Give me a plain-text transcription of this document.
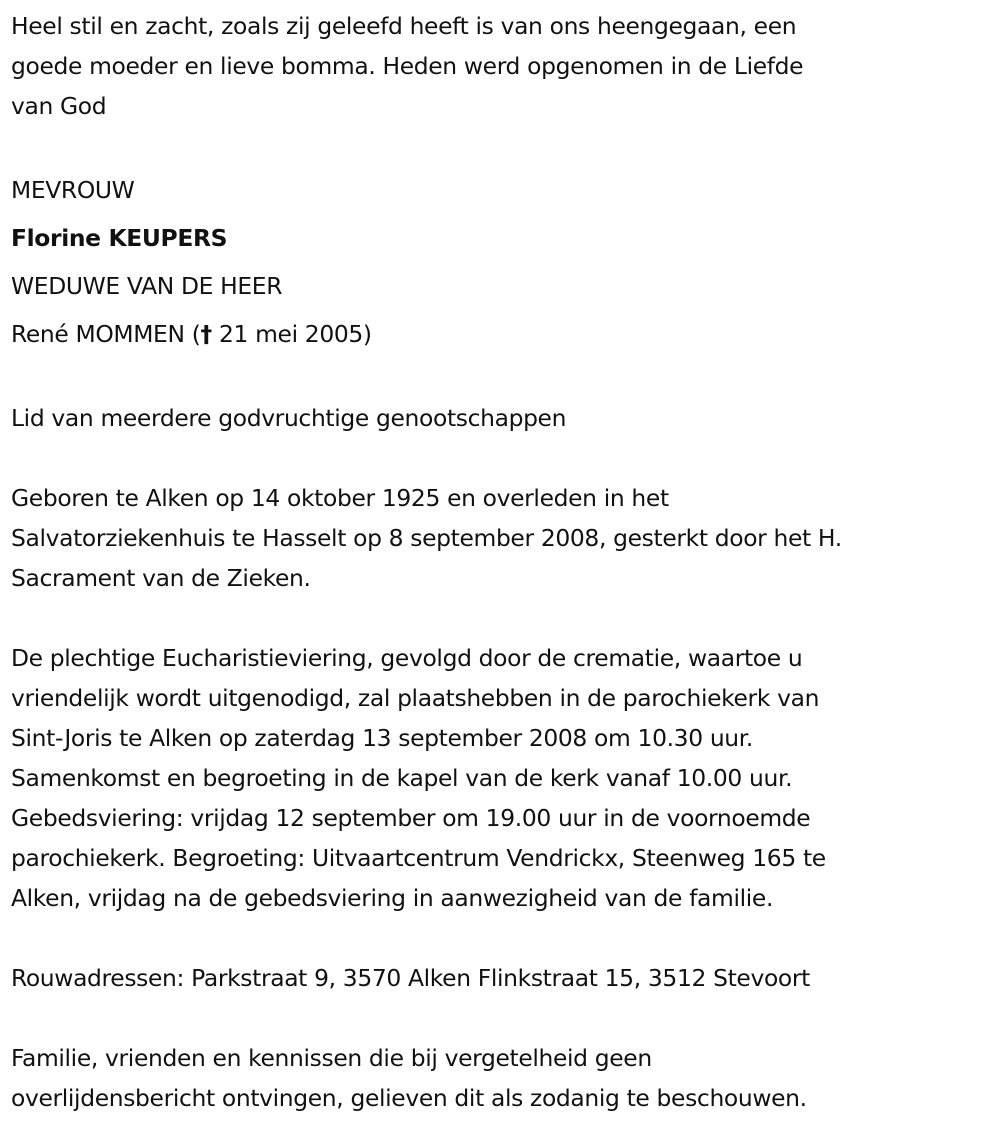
Heel stil en zacht, zoals zij geleefd heeft is van ons heengegaan, een

goede moeder en lieve bomma. Heden werd opgenomen in de Liefde

van God

MEVROUW

Florine KEUPERS

WEDUWE VAN DE HEER

René MOMMEN († 21 mei 2005)

Lid van meerdere godvruchtige genootschappen

Geboren te Alken op 14 oktober 1925 en overleden in het

Salvatorziekenhuis te Hasselt op 8 september 2008, gesterkt door het H.

Sacrament van de Zieken.

De plechtige Eucharistieviering, gevolgd door de crematie, waartoe u

vriendelijk wordt uitgenodigd, zal plaatshebben in de parochiekerk van

Sint-Joris te Alken op zaterdag 13 september 2008 om 10.30 uur.

Samenkomst en begroeting in de kapel van de kerk vanaf 10.00 uur.

Gebedsviering: vrijdag 12 september om 19.00 uur in de voornoemde

parochiekerk. Begroeting: Uitvaartcentrum Vendrickx, Steenweg 165 te

Alken, vrijdag na de gebedsviering in aanwezigheid van de familie.

Rouwadressen: Parkstraat 9, 3570 Alken Flinkstraat 15, 3512 Stevoort

Familie, vrienden en kennissen die bij vergetelheid geen

overlijdensbericht ontvingen, gelieven dit als zodanig te beschouwen.
